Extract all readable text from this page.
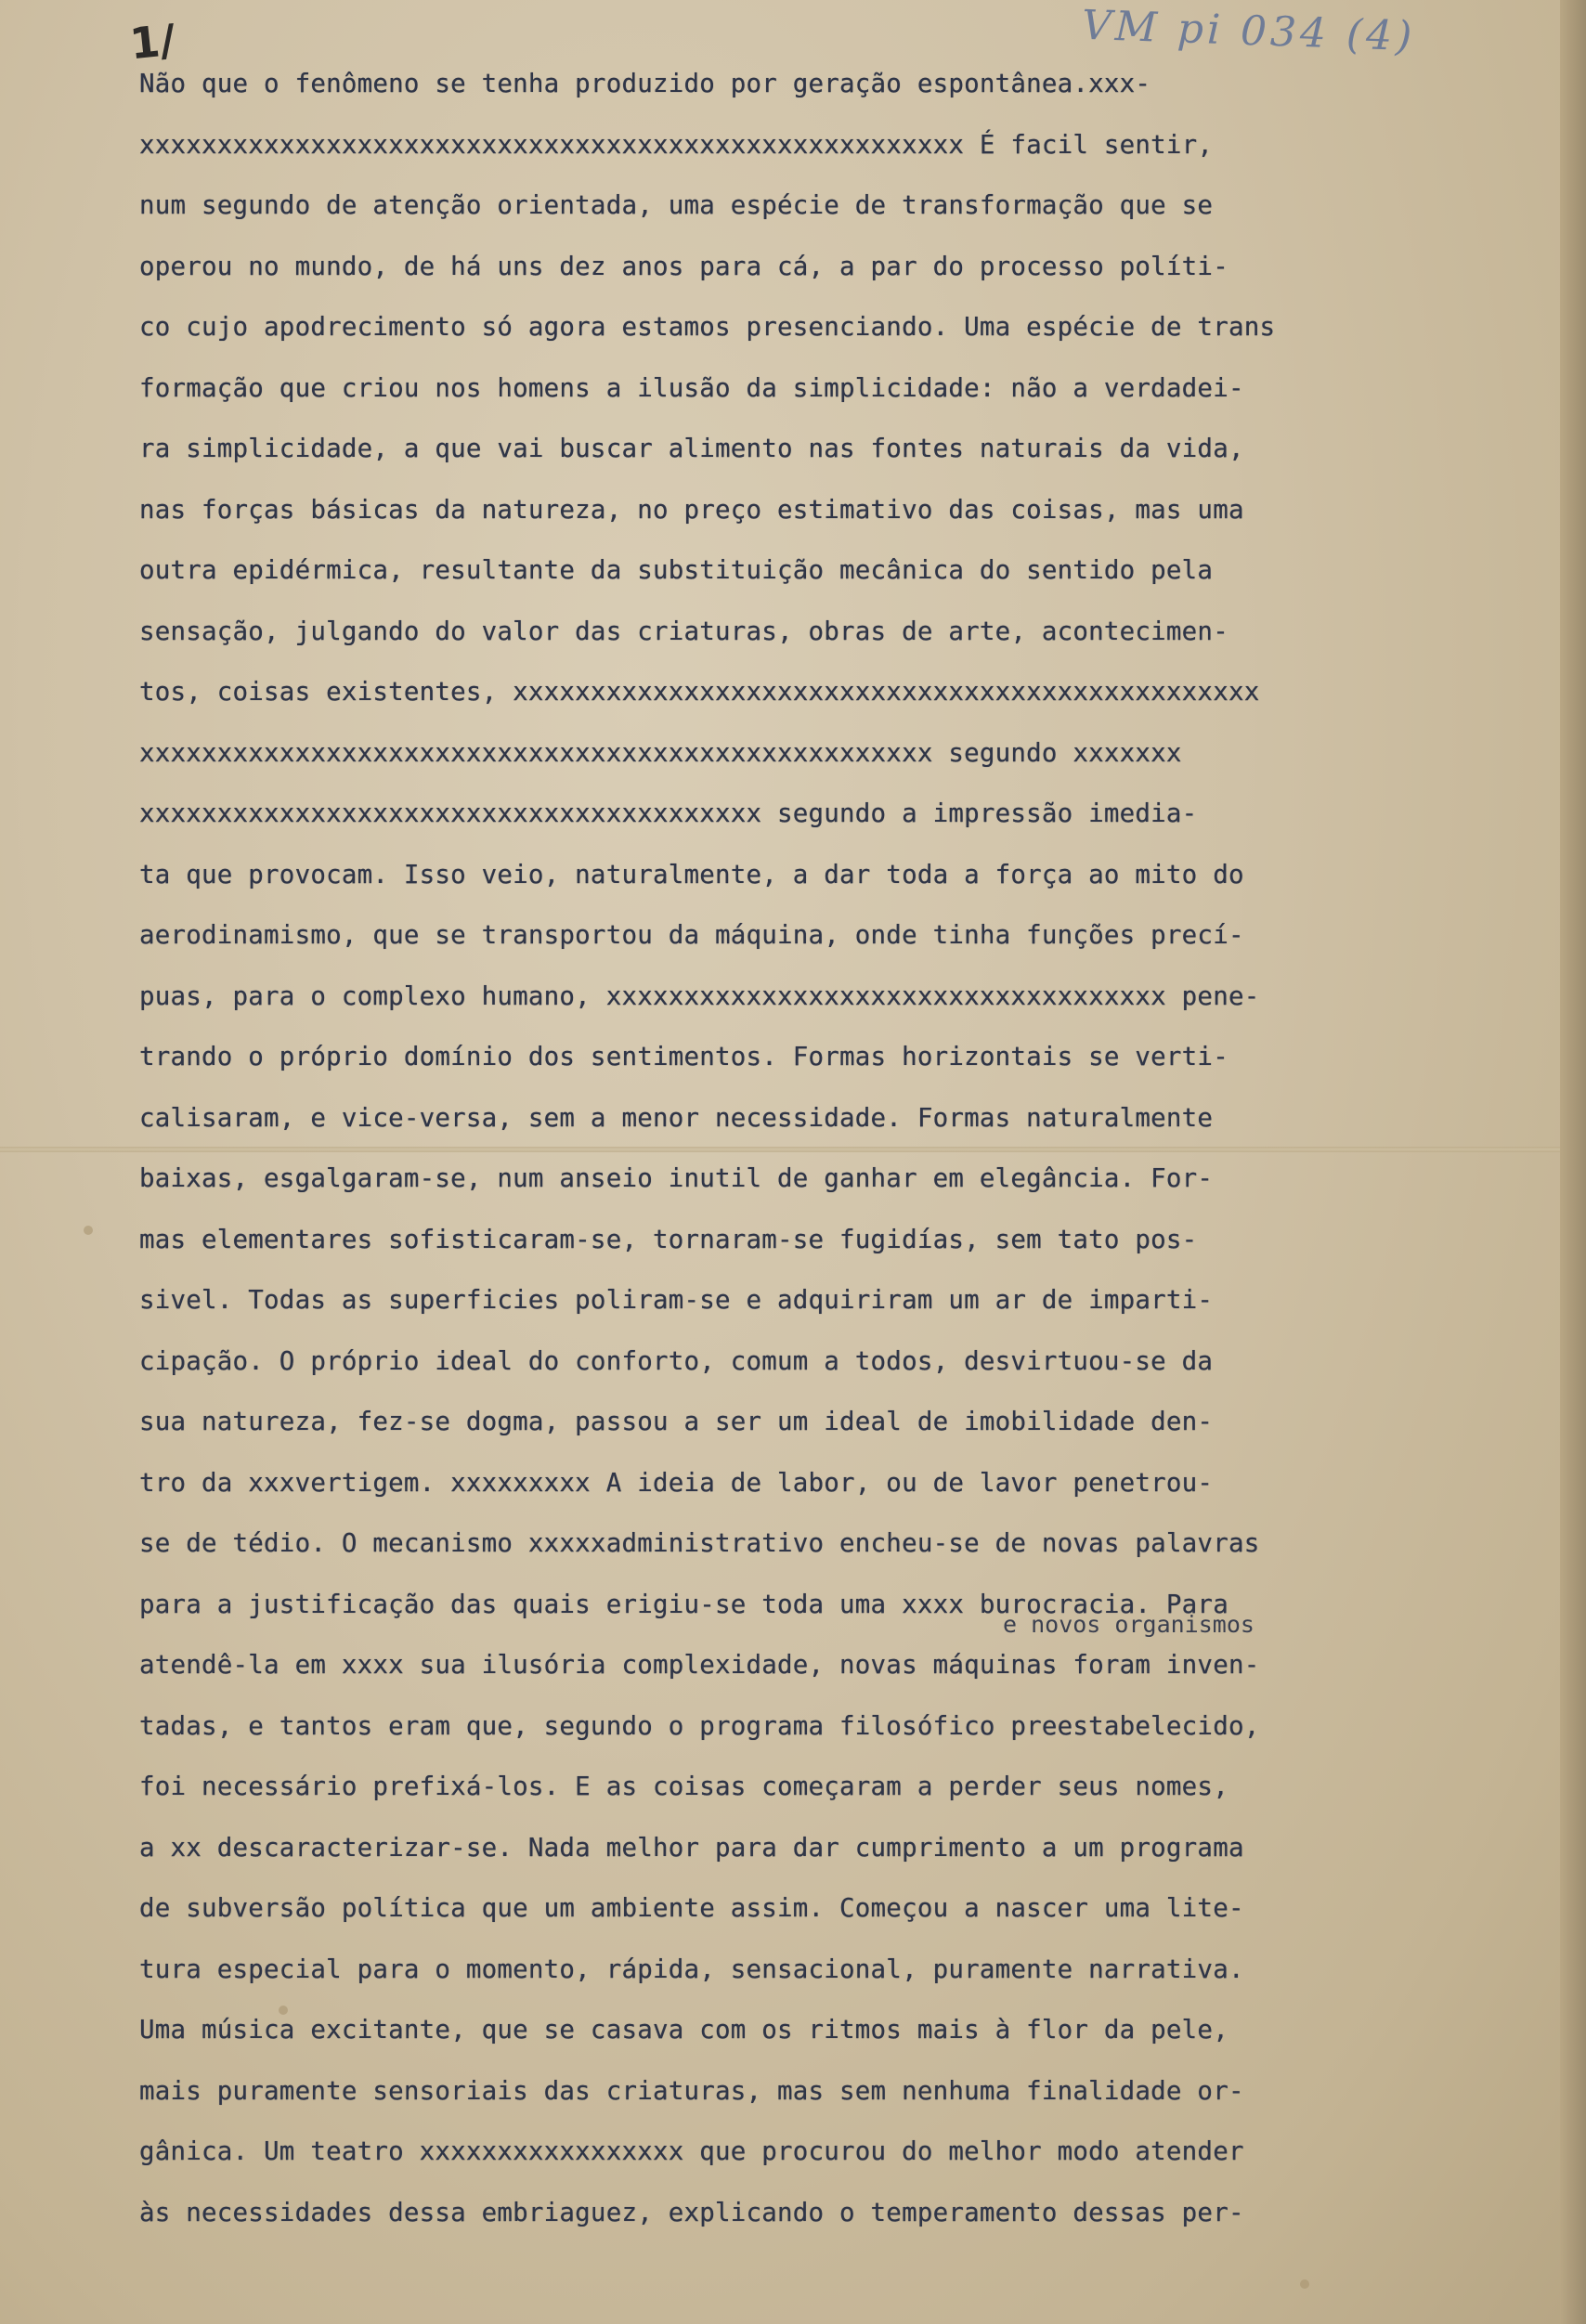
1/	VM pi 034 (4)
Não que o fenômeno se tenha produzido por geração espontânea.xxx-
xxxxxxxxxxxxxxxxxxxxxxxxxxxxxxxxxxxxxxxxxxxxxxxxxxxxx É facil sentir,
num segundo de atenção orientada, uma espécie de transformação que se
operou no mundo, de há uns dez anos para cá, a par do processo políti-
co cujo apodrecimento só agora estamos presenciando. Uma espécie de trans
formação que criou nos homens a ilusão da simplicidade: não a verdadei-
ra simplicidade, a que vai buscar alimento nas fontes naturais da vida,
nas forças básicas da natureza, no preço estimativo das coisas, mas uma
outra epidérmica, resultante da substituição mecânica do sentido pela
sensação, julgando do valor das criaturas, obras de arte, acontecimen-
tos, coisas existentes, xxxxxxxxxxxxxxxxxxxxxxxxxxxxxxxxxxxxxxxxxxxxxxxx
xxxxxxxxxxxxxxxxxxxxxxxxxxxxxxxxxxxxxxxxxxxxxxxxxxx segundo xxxxxxx
xxxxxxxxxxxxxxxxxxxxxxxxxxxxxxxxxxxxxxxx segundo a impressão imedia-
ta que provocam. Isso veio, naturalmente, a dar toda a força ao mito do
aerodinamismo, que se transportou da máquina, onde tinha funções precí-
puas, para o complexo humano, xxxxxxxxxxxxxxxxxxxxxxxxxxxxxxxxxxxx pene-
trando o próprio domínio dos sentimentos. Formas horizontais se verti-
calisaram, e vice-versa, sem a menor necessidade. Formas naturalmente
baixas, esgalgaram-se, num anseio inutil de ganhar em elegância. For-
mas elementares sofisticaram-se, tornaram-se fugidías, sem tato pos-
sivel. Todas as superficies poliram-se e adquiriram um ar de imparti-
cipação. O próprio ideal do conforto, comum a todos, desvirtuou-se da
sua natureza, fez-se dogma, passou a ser um ideal de imobilidade den-
tro da xxxvertigem. xxxxxxxxx A ideia de labor, ou de lavor penetrou-
se de tédio. O mecanismo xxxxxadministrativo encheu-se de novas palavras
para a justificação das quais erigiu-se toda uma xxxx burocracia. Para
atendê-la em xxxx sua ilusória complexidade, novas máquinas foram inven-
tadas, e tantos eram que, segundo o programa filosófico preestabelecido,
foi necessário prefixá-los. E as coisas começaram a perder seus nomes,
a xx descaracterizar-se. Nada melhor para dar cumprimento a um programa
de subversão política que um ambiente assim. Começou a nascer uma lite-
tura especial para o momento, rápida, sensacional, puramente narrativa.
Uma música excitante, que se casava com os ritmos mais à flor da pele,
mais puramente sensoriais das criaturas, mas sem nenhuma finalidade or-
gânica. Um teatro xxxxxxxxxxxxxxxxx que procurou do melhor modo atender
às necessidades dessa embriaguez, explicando o temperamento dessas per-
e novos organismos
